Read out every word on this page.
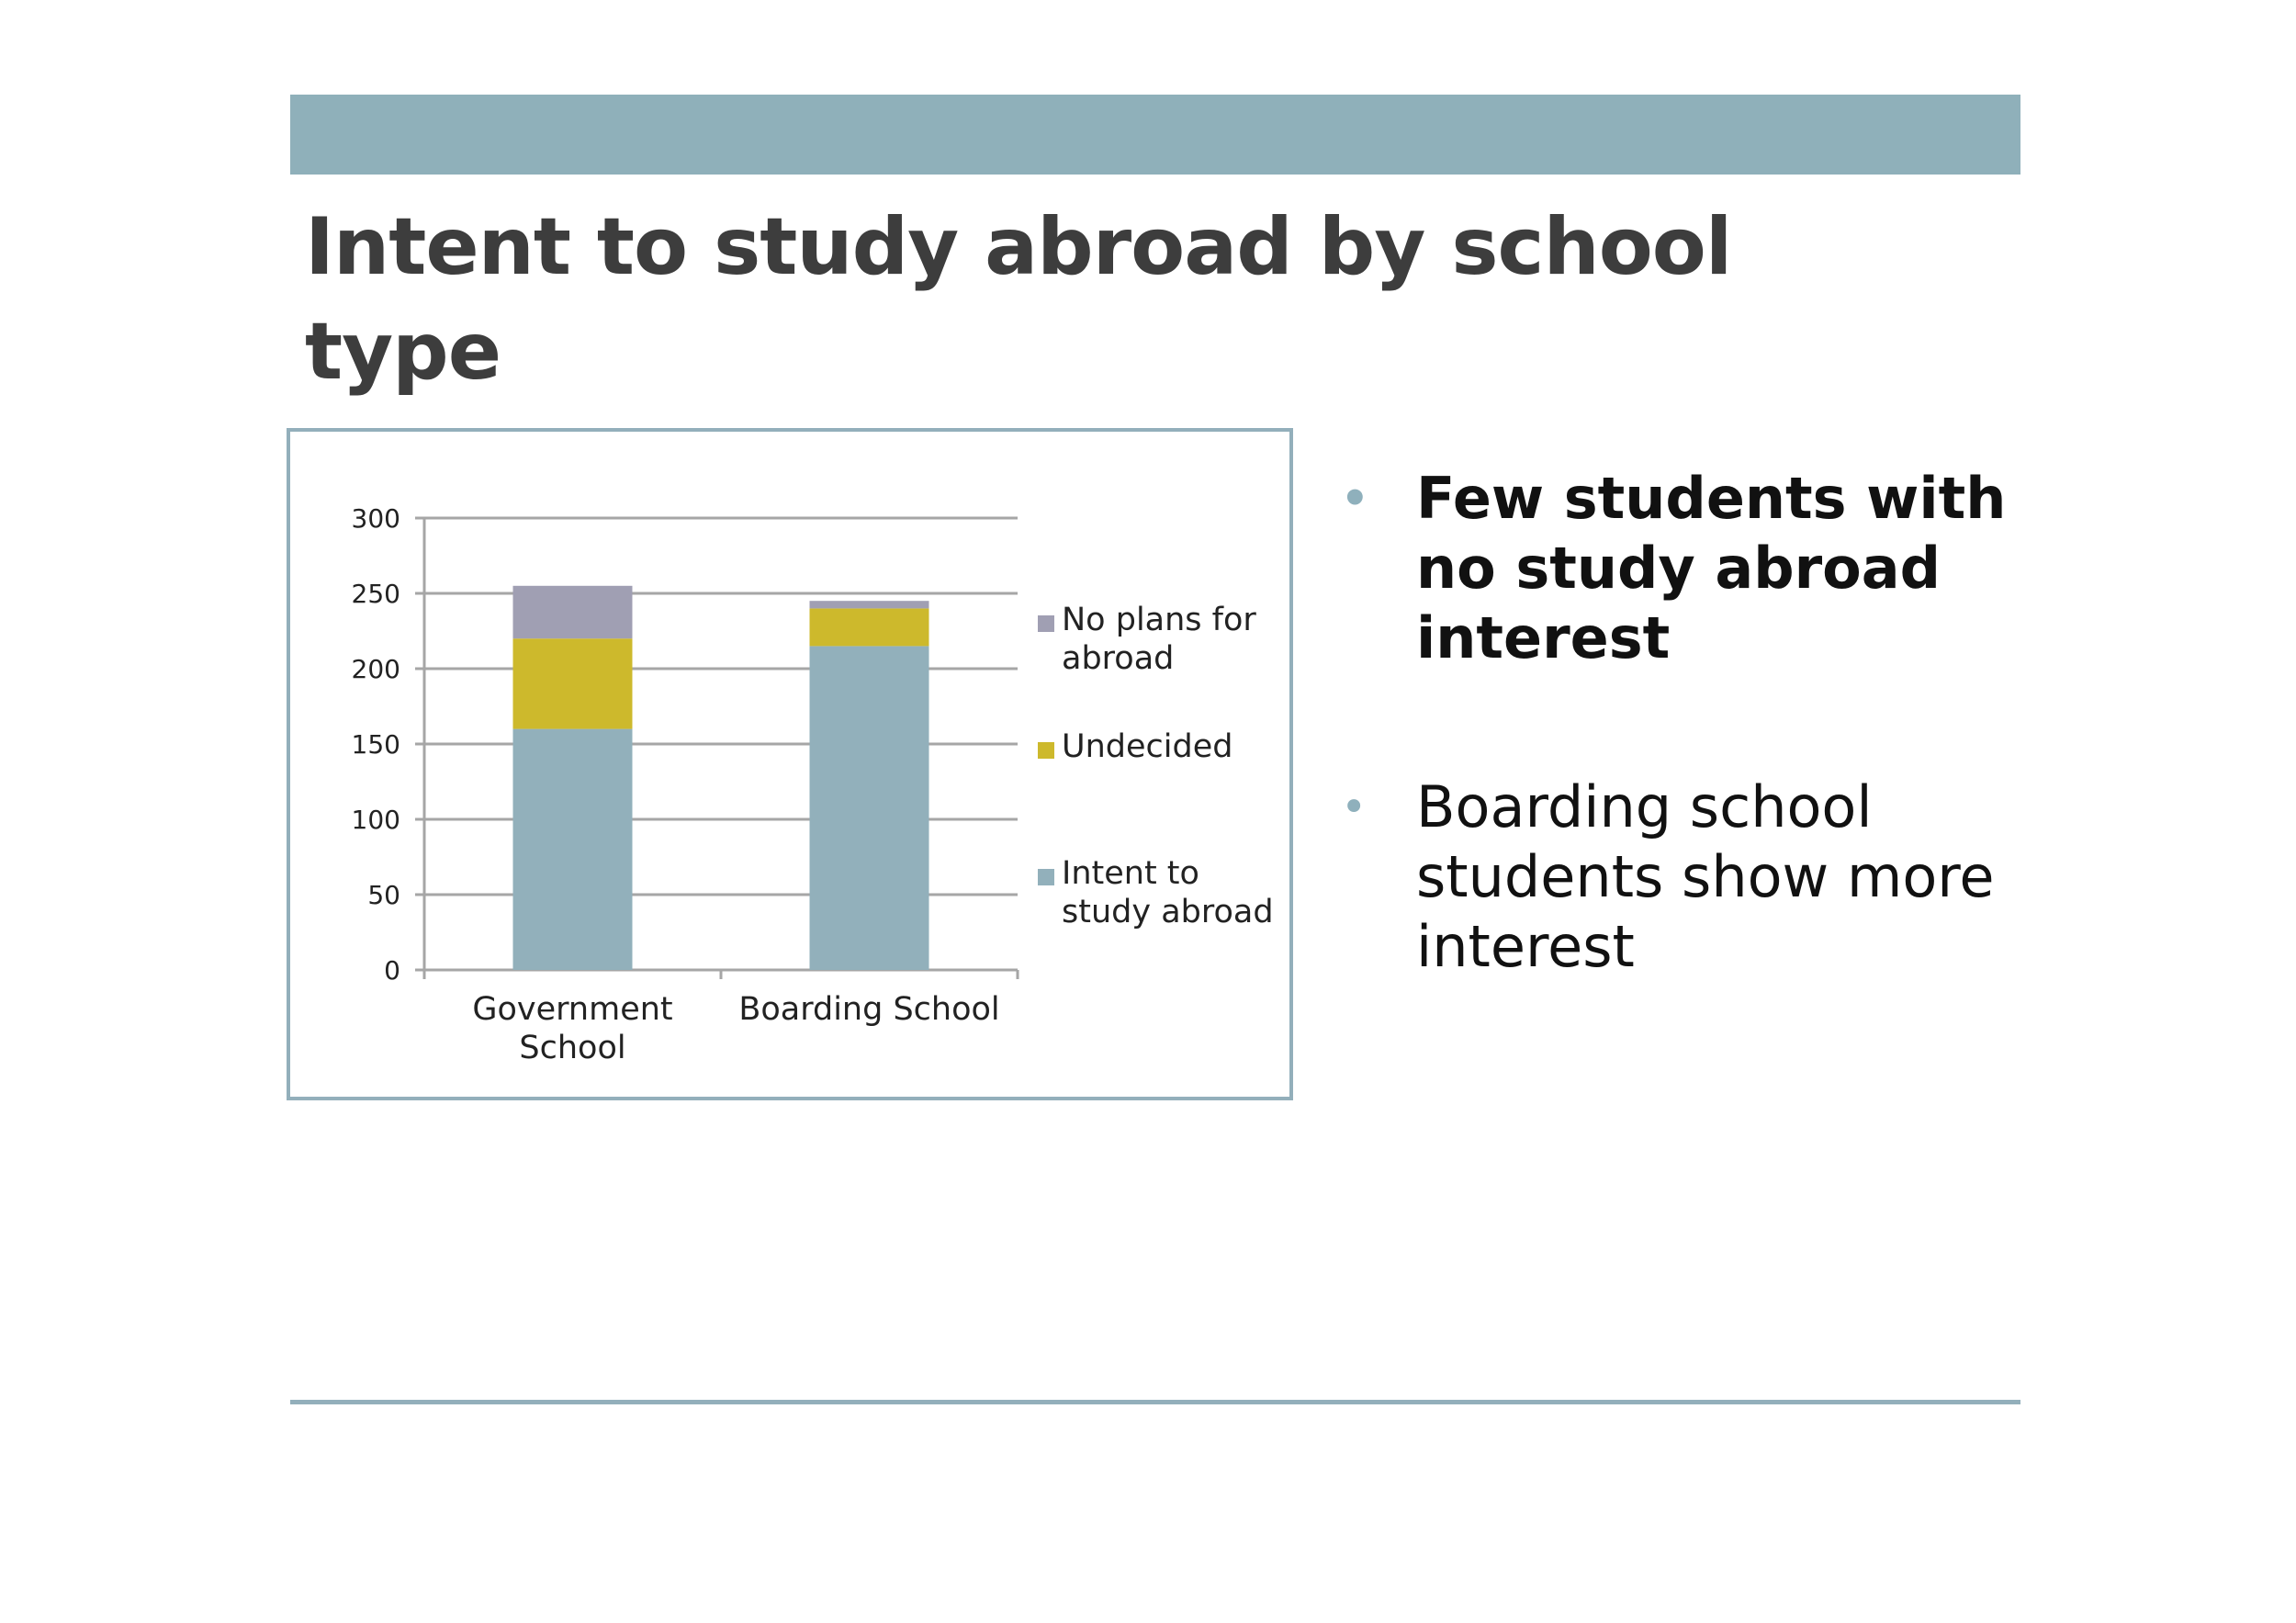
Intent to study abroad by school type
0
50
100
150
200
250
300
Government School
Boarding School
No plans for abroad
Undecided
Intent to study abroad
• Few students with no study abroad interest
• Boarding school students show more interest
